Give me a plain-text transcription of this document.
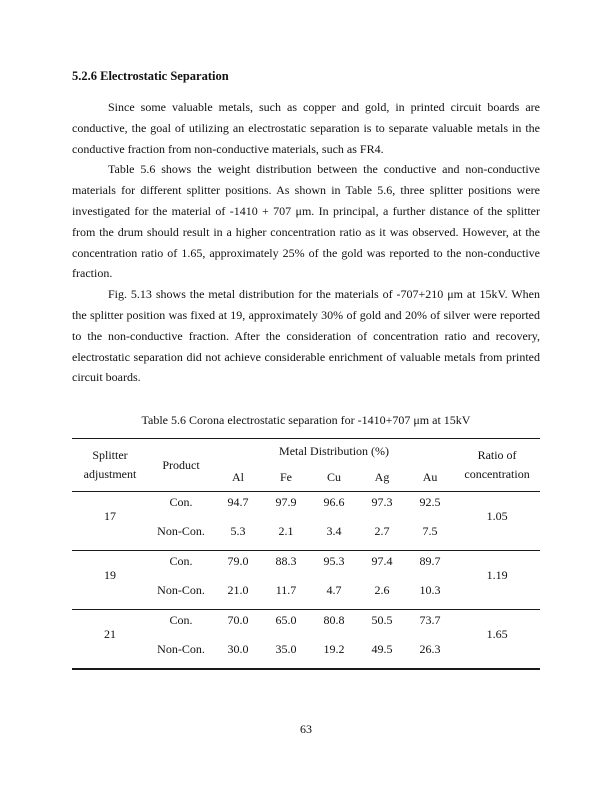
5.2.6 Electrostatic Separation

Since some valuable metals, such as copper and gold, in printed circuit boards are conductive, the goal of utilizing an electrostatic separation is to separate valuable metals in the conductive fraction from non-conductive materials, such as FR4.

Table 5.6 shows the weight distribution between the conductive and non-conductive materials for different splitter positions. As shown in Table 5.6, three splitter positions were investigated for the material of -1410 + 707 μm. In principal, a further distance of the splitter from the drum should result in a higher concentration ratio as it was observed. However, at the concentration ratio of 1.65, approximately 25% of the gold was reported to the non-conductive fraction.

Fig. 5.13 shows the metal distribution for the materials of -707+210 μm at 15kV. When the splitter position was fixed at 19, approximately 30% of gold and 20% of silver were reported to the non-conductive fraction. After the consideration of concentration ratio and recovery, electrostatic separation did not achieve considerable enrichment of valuable metals from printed circuit boards.

Table 5.6 Corona electrostatic separation for -1410+707 μm at 15kV
Splitter adjustment	Product	Metal Distribution (%)					Ratio of concentration
		Al	Fe	Cu	Ag	Au	
17	Con.	94.7	97.9	96.6	97.3	92.5	1.05
	Non-Con.	5.3	2.1	3.4	2.7	7.5	
19	Con.	79.0	88.3	95.3	97.4	89.7	1.19
	Non-Con.	21.0	11.7	4.7	2.6	10.3	
21	Con.	70.0	65.0	80.8	50.5	73.7	1.65
	Non-Con.	30.0	35.0	19.2	49.5	26.3	
63
